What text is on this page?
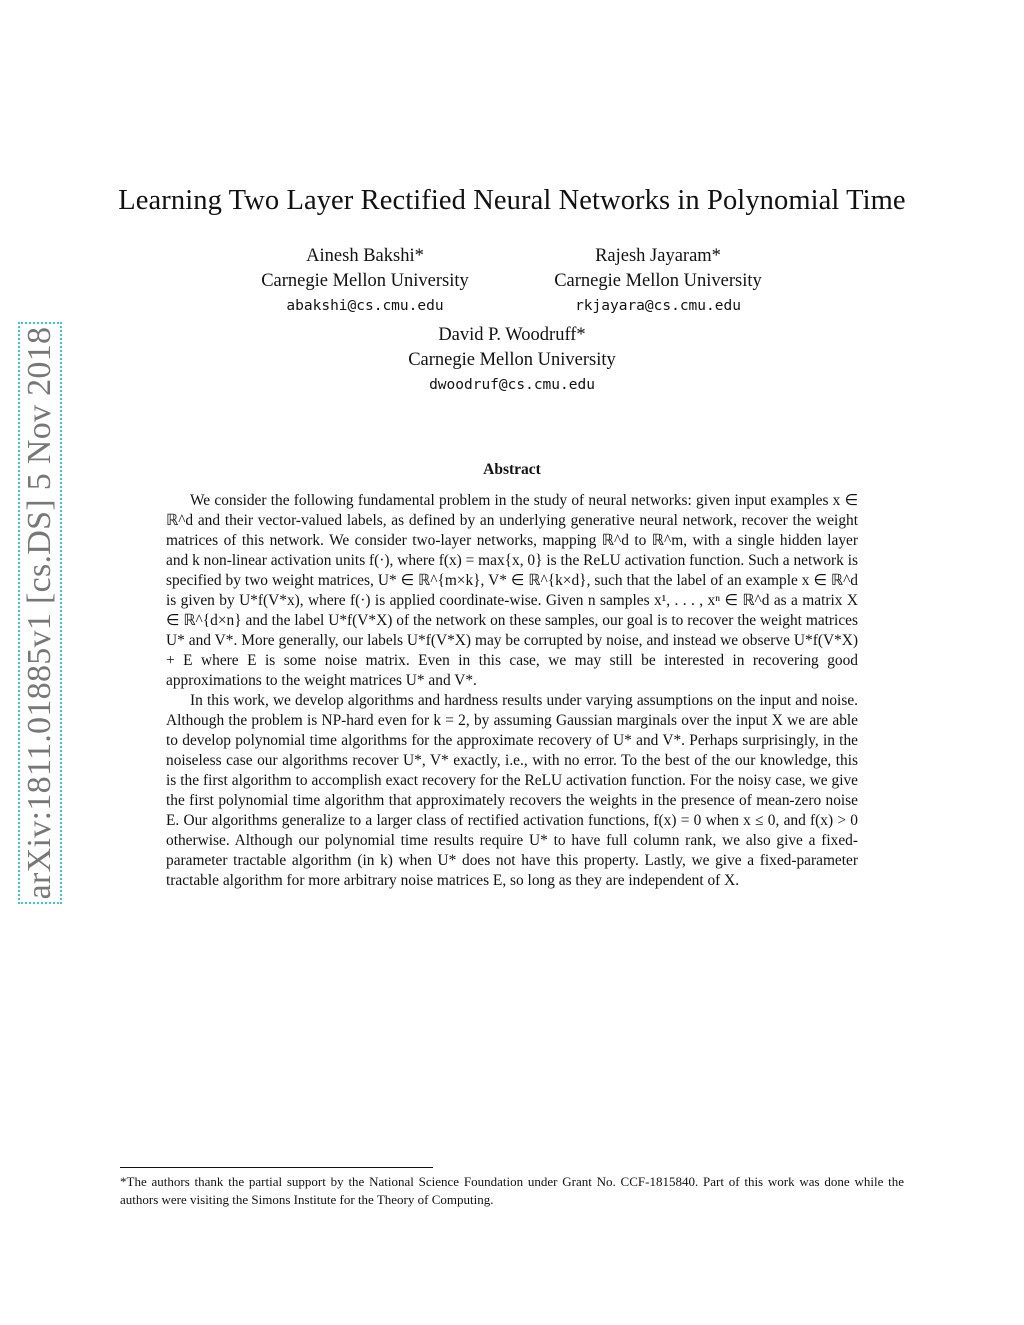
arXiv:1811.01885v1 [cs.DS] 5 Nov 2018
Learning Two Layer Rectified Neural Networks in Polynomial Time
Ainesh Bakshi*
Carnegie Mellon University
abakshi@cs.cmu.edu
Rajesh Jayaram*
Carnegie Mellon University
rkjayara@cs.cmu.edu
David P. Woodruff*
Carnegie Mellon University
dwoodruf@cs.cmu.edu
Abstract

We consider the following fundamental problem in the study of neural networks: given input examples x ∈ ℝ^d and their vector-valued labels, as defined by an underlying generative neural network, recover the weight matrices of this network. We consider two-layer networks, mapping ℝ^d to ℝ^m, with a single hidden layer and k non-linear activation units f(·), where f(x) = max{x, 0} is the ReLU activation function. Such a network is specified by two weight matrices, U* ∈ ℝ^{m×k}, V* ∈ ℝ^{k×d}, such that the label of an example x ∈ ℝ^d is given by U*f(V*x), where f(·) is applied coordinate-wise. Given n samples x¹, . . . , xⁿ ∈ ℝ^d as a matrix X ∈ ℝ^{d×n} and the label U*f(V*X) of the network on these samples, our goal is to recover the weight matrices U* and V*. More generally, our labels U*f(V*X) may be corrupted by noise, and instead we observe U*f(V*X) + E where E is some noise matrix. Even in this case, we may still be interested in recovering good approximations to the weight matrices U* and V*.

In this work, we develop algorithms and hardness results under varying assumptions on the input and noise. Although the problem is NP-hard even for k = 2, by assuming Gaussian marginals over the input X we are able to develop polynomial time algorithms for the approximate recovery of U* and V*. Perhaps surprisingly, in the noiseless case our algorithms recover U*, V* exactly, i.e., with no error. To the best of the our knowledge, this is the first algorithm to accomplish exact recovery for the ReLU activation function. For the noisy case, we give the first polynomial time algorithm that approximately recovers the weights in the presence of mean-zero noise E. Our algorithms generalize to a larger class of rectified activation functions, f(x) = 0 when x ≤ 0, and f(x) > 0 otherwise. Although our polynomial time results require U* to have full column rank, we also give a fixed-parameter tractable algorithm (in k) when U* does not have this property. Lastly, we give a fixed-parameter tractable algorithm for more arbitrary noise matrices E, so long as they are independent of X.

*The authors thank the partial support by the National Science Foundation under Grant No. CCF-1815840. Part of this work was done while the authors were visiting the Simons Institute for the Theory of Computing.
